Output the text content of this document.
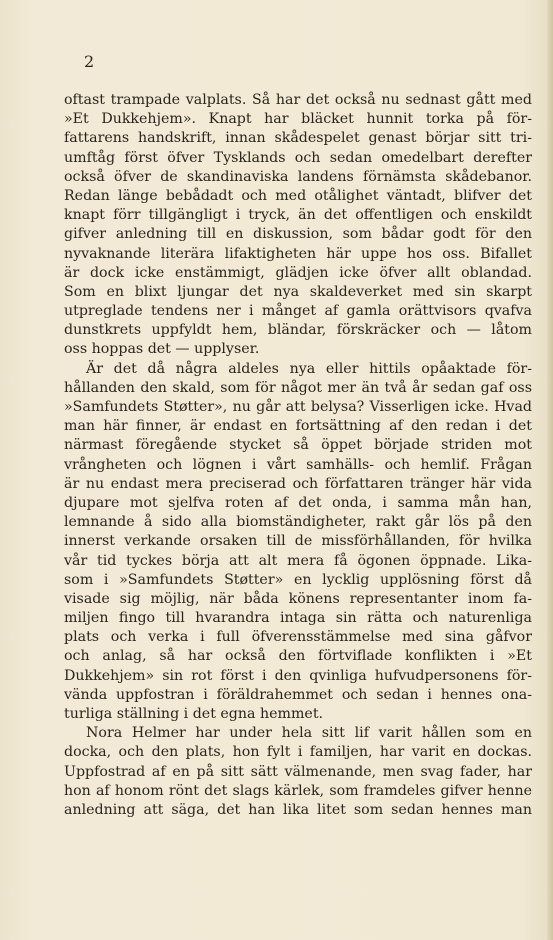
2
oftast trampade valplats. Så har det också nu sednast gått med
»Et Dukkehjem». Knapt har bläcket hunnit torka på för-
fattarens handskrift, innan skådespelet genast börjar sitt tri-
umftåg först öfver Tysklands och sedan omedelbart derefter
också öfver de skandinaviska landens förnämsta skådebanor.
Redan länge bebådadt och med otålighet väntadt, blifver det
knapt förr tillgängligt i tryck, än det offentligen och enskildt
gifver anledning till en diskussion, som bådar godt för den
nyvaknande literära lifaktigheten här uppe hos oss. Bifallet
är dock icke enstämmigt, glädjen icke öfver allt oblandad.
Som en blixt ljungar det nya skaldeverket med sin skarpt
utpreglade tendens ner i månget af gamla orättvisors qvafva
dunstkrets uppfyldt hem, bländar, förskräcker och — låtom
oss hoppas det — upplyser.
Är det då några aldeles nya eller hittils opåaktade för-
hållanden den skald, som för något mer än två år sedan gaf oss
»Samfundets Støtter», nu går att belysa? Visserligen icke. Hvad
man här finner, är endast en fortsättning af den redan i det
närmast föregående stycket så öppet började striden mot
vrångheten och lögnen i vårt samhälls- och hemlif. Frågan
är nu endast mera preciserad och författaren tränger här vida
djupare mot sjelfva roten af det onda, i samma mån han,
lemnande å sido alla biomständigheter, rakt går lös på den
innerst verkande orsaken till de missförhållanden, för hvilka
vår tid tyckes börja att alt mera få ögonen öppnade. Lika-
som i »Samfundets Støtter» en lycklig upplösning först då
visade sig möjlig, när båda könens representanter inom fa-
miljen fingo till hvarandra intaga sin rätta och naturenliga
plats och verka i full öfverensstämmelse med sina gåfvor
och anlag, så har också den förtviflade konflikten i »Et
Dukkehjem» sin rot först i den qvinliga hufvudpersonens för-
vända uppfostran i föräldrahemmet och sedan i hennes ona-
turliga ställning i det egna hemmet.
Nora Helmer har under hela sitt lif varit hållen som en
docka, och den plats, hon fylt i familjen, har varit en dockas.
Uppfostrad af en på sitt sätt välmenande, men svag fader, har
hon af honom rönt det slags kärlek, som framdeles gifver henne
anledning att säga, det han lika litet som sedan hennes man
